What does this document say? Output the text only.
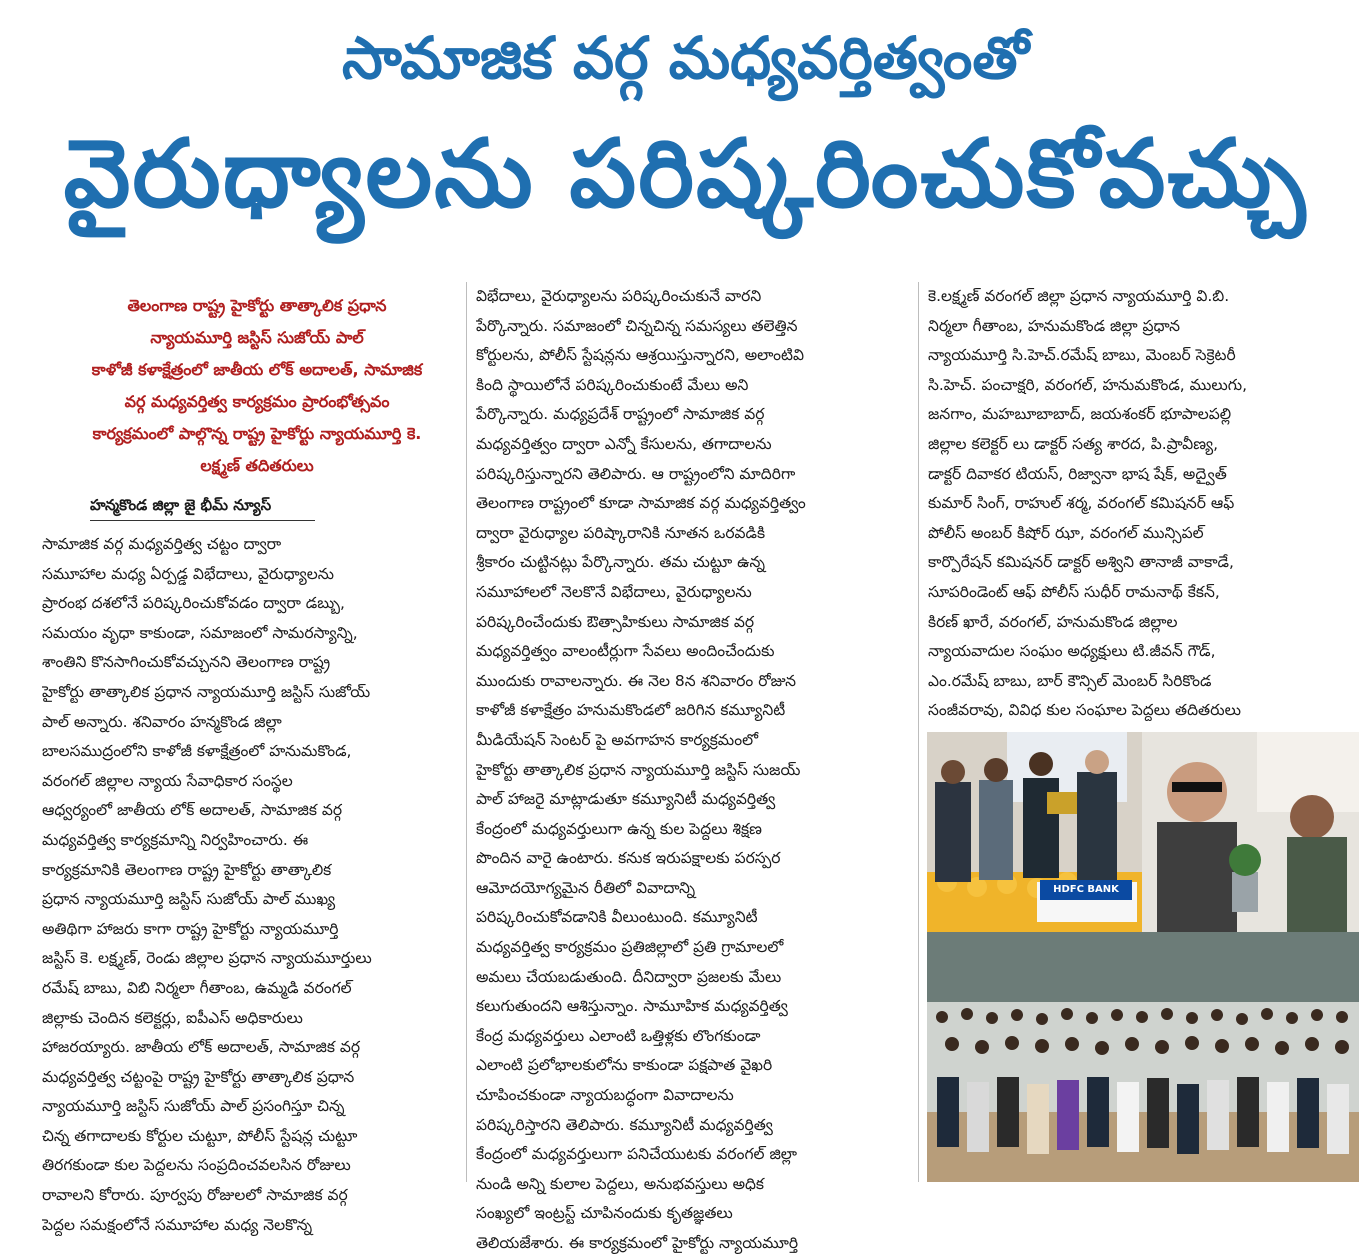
సామాజిక వర్గ మధ్యవర్తిత్వంతో
వైరుధ్యాలను పరిష్కరించుకోవచ్చు
తెలంగాణ రాష్ట్ర హైకోర్టు తాత్కాలిక ప్రధాన
న్యాయమూర్తి జస్టిస్ సుజోయ్ పాల్
కాళోజీ కళాక్షేత్రంలో జాతీయ లోక్ అదాలత్, సామాజిక
వర్గ మధ్యవర్తిత్వ కార్యక్రమం ప్రారంభోత్సవం
కార్యక్రమంలో పాల్గొన్న రాష్ట్ర హైకోర్టు న్యాయమూర్తి కె.
లక్ష్మణ్ తదితరులు
హన్మకొండ జిల్లా జై భీమ్ న్యూస్
సామాజిక వర్గ మధ్యవర్తిత్వ చట్టం ద్వారా
సమూహాల మధ్య ఏర్పడ్డ విభేదాలు, వైరుధ్యాలను
ప్రారంభ దశలోనే పరిష్కరించుకోవడం ద్వారా డబ్బు,
సమయం వృధా కాకుండా, సమాజంలో సామరస్యాన్ని,
శాంతిని కొనసాగించుకోవచ్చునని తెలంగాణ రాష్ట్ర
హైకోర్టు తాత్కాలిక ప్రధాన న్యాయమూర్తి జస్టిస్ సుజోయ్
పాల్ అన్నారు. శనివారం హన్మకొండ జిల్లా
బాలసముద్రంలోని కాళోజీ కళాక్షేత్రంలో హనుమకొండ,
వరంగల్ జిల్లాల న్యాయ సేవాధికార సంస్థల
ఆధ్వర్యంలో జాతీయ లోక్ అదాలత్, సామాజిక వర్గ
మధ్యవర్తిత్వ కార్యక్రమాన్ని నిర్వహించారు. ఈ
కార్యక్రమానికి తెలంగాణ రాష్ట్ర హైకోర్టు తాత్కాలిక
ప్రధాన న్యాయమూర్తి జస్టిస్ సుజోయ్ పాల్ ముఖ్య
అతిథిగా హాజరు కాగా రాష్ట్ర హైకోర్టు న్యాయమూర్తి
జస్టిస్ కె. లక్ష్మణ్, రెండు జిల్లాల ప్రధాన న్యాయమూర్తులు
రమేష్ బాబు, విబి నిర్మలా గీతాంబ, ఉమ్మడి వరంగల్
జిల్లాకు చెందిన కలెక్టర్లు, ఐపీఎస్ అధికారులు
హాజరయ్యారు. జాతీయ లోక్ అదాలత్, సామాజిక వర్గ
మధ్యవర్తిత్వ చట్టంపై రాష్ట్ర హైకోర్టు తాత్కాలిక ప్రధాన
న్యాయమూర్తి జస్టిస్ సుజోయ్ పాల్ ప్రసంగిస్తూ చిన్న
చిన్న తగాదాలకు కోర్టుల చుట్టూ, పోలీస్ స్టేషన్ల చుట్టూ
తిరగకుండా కుల పెద్దలను సంప్రదించవలసిన రోజులు
రావాలని కోరారు. పూర్వపు రోజులలో సామాజిక వర్గ
పెద్దల సమక్షంలోనే సమూహాల మధ్య నెలకొన్న
విభేదాలు, వైరుధ్యాలను పరిష్కరించుకునే వారని
పేర్కొన్నారు. సమాజంలో చిన్నచిన్న సమస్యలు తలెత్తిన
కోర్టులను, పోలీస్ స్టేషన్లను ఆశ్రయిస్తున్నారని, అలాంటివి
కింది స్థాయిలోనే పరిష్కరించుకుంటే మేలు అని
పేర్కొన్నారు. మధ్యప్రదేశ్ రాష్ట్రంలో సామాజిక వర్గ
మధ్యవర్తిత్వం ద్వారా ఎన్నో కేసులను, తగాదాలను
పరిష్కరిస్తున్నారని తెలిపారు. ఆ రాష్ట్రంలోని మాదిరిగా
తెలంగాణ రాష్ట్రంలో కూడా సామాజిక వర్గ మధ్యవర్తిత్వం
ద్వారా వైరుధ్యాల పరిష్కారానికి నూతన ఒరవడికి
శ్రీకారం చుట్టినట్లు పేర్కొన్నారు. తమ చుట్టూ ఉన్న
సమూహాలలో నెలకొనే విభేదాలు, వైరుధ్యాలను
పరిష్కరించేందుకు ఔత్సాహికులు సామాజిక వర్గ
మధ్యవర్తిత్వం వాలంటీర్లుగా సేవలు అందించేందుకు
ముందుకు రావాలన్నారు. ఈ నెల 8న శనివారం రోజున
కాళోజీ కళాక్షేత్రం హనుమకొండలో జరిగిన కమ్యూనిటీ
మీడియేషన్ సెంటర్ పై అవగాహన కార్యక్రమంలో
హైకోర్టు తాత్కాలిక ప్రధాన న్యాయమూర్తి జస్టిస్ సుజయ్
పాల్ హాజరై మాట్లాడుతూ కమ్యూనిటీ మధ్యవర్తిత్వ
కేంద్రంలో మధ్యవర్తులుగా ఉన్న కుల పెద్దలు శిక్షణ
పొందిన వారై ఉంటారు. కనుక ఇరుపక్షాలకు పరస్పర
ఆమోదయోగ్యమైన రీతిలో వివాదాన్ని
పరిష్కరించుకోవడానికి వీలుంటుంది. కమ్యూనిటీ
మధ్యవర్తిత్వ కార్యక్రమం ప్రతిజిల్లాలో ప్రతి గ్రామాలలో
అమలు చేయబడుతుంది. దీనిద్వారా ప్రజలకు మేలు
కలుగుతుందని ఆశిస్తున్నాం. సామూహిక మధ్యవర్తిత్వ
కేంద్ర మధ్యవర్తులు ఎలాంటి ఒత్తిళ్లకు లొంగకుండా
ఎలాంటి ప్రలోభాలకులోను కాకుండా పక్షపాత వైఖరి
చూపించకుండా న్యాయబద్ధంగా వివాదాలను
పరిష్కరిస్తారని తెలిపారు. కమ్యూనిటీ మధ్యవర్తిత్వ
కేంద్రంలో మధ్యవర్తులుగా పనిచేయుటకు వరంగల్ జిల్లా
నుండి అన్ని కులాల పెద్దలు, అనుభవస్తులు అధిక
సంఖ్యలో ఇంట్రస్ట్ చూపినందుకు కృతజ్ఞతలు
తెలియజేశారు. ఈ కార్యక్రమంలో హైకోర్టు న్యాయమూర్తి
కె.లక్ష్మణ్ వరంగల్ జిల్లా ప్రధాన న్యాయమూర్తి వి.బి.
నిర్మలా గీతాంబ, హనుమకొండ జిల్లా ప్రధాన
న్యాయమూర్తి సి.హెచ్.రమేష్ బాబు, మెంబర్ సెక్రెటరీ
సి.హెచ్. పంచాక్షరి, వరంగల్, హనుమకొండ, ములుగు,
జనగాం, మహబూబాబాద్, జయశంకర్ భూపాలపల్లి
జిల్లాల కలెక్టర్ లు డాక్టర్ సత్య శారద, పి.ప్రావీణ్య,
డాక్టర్ దివాకర టియస్, రిజ్వానా భాష షేక్, అద్వైత్
కుమార్ సింగ్, రాహుల్ శర్మ, వరంగల్ కమిషనర్ ఆఫ్
పోలీస్ అంబర్ కిషోర్ ఝా, వరంగల్ మున్సిపల్
కార్పొరేషన్ కమిషనర్ డాక్టర్ అశ్విని తానాజీ వాకాడే,
సూపరిండెంట్ ఆఫ్ పోలీస్ సుధీర్ రామనాథ్ కేకన్,
కిరణ్ ఖారే, వరంగల్, హనుమకొండ జిల్లాల
న్యాయవాదుల సంఘం అధ్యక్షులు టి.జీవన్ గౌడ్,
ఎం.రమేష్ బాబు, బార్ కౌన్సిల్ మెంబర్ సిరికొండ
సంజీవరావు, వివిధ కుల సంఘాల పెద్దలు తదితరులు
HDFC BANK
